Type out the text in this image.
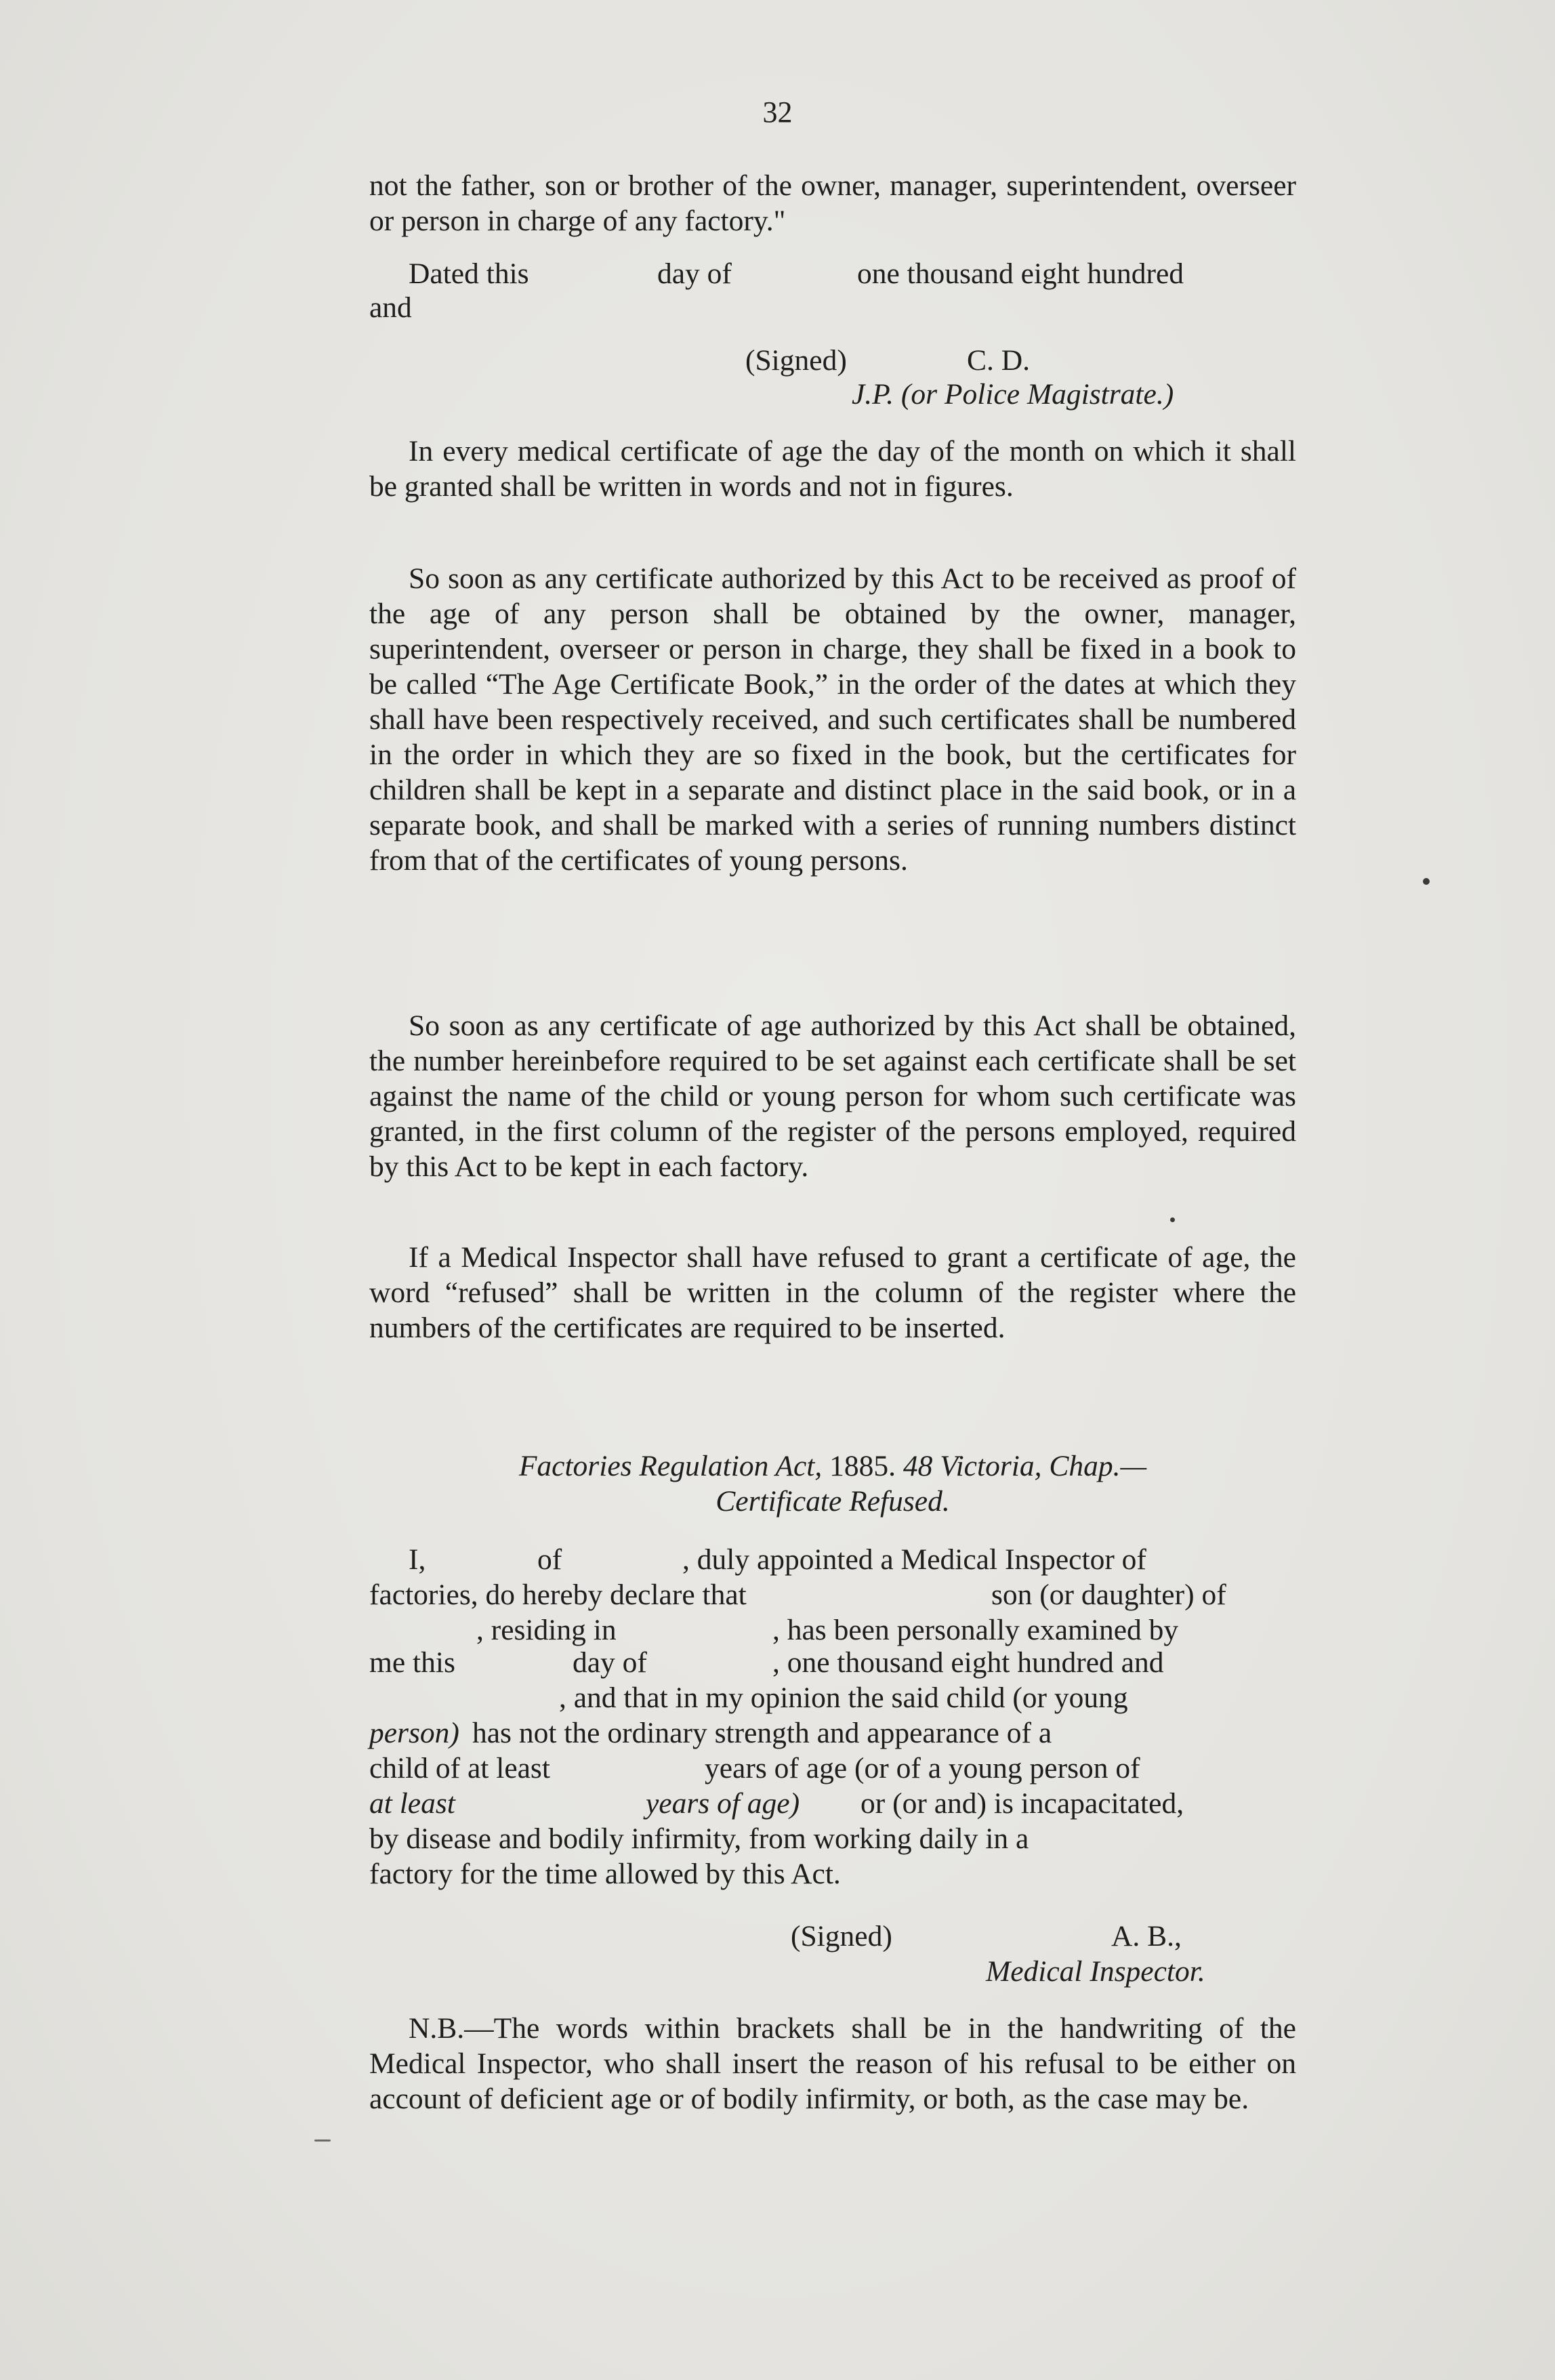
32
not the father, son or brother of the owner, manager, superintendent, overseer or person in charge of any factory."
Dated this	day of	one thousand eight hundred
and
(Signed)	C. D.
J.P. (or Police Magistrate.)
In every medical certificate of age the day of the month on which it shall be granted shall be written in words and not in figures.
So soon as any certificate authorized by this Act to be received as proof of the age of any person shall be obtained by the owner, manager, superintendent, overseer or person in charge, they shall be fixed in a book to be called “The Age Certificate Book,” in the order of the dates at which they shall have been respectively received, and such certificates shall be numbered in the order in which they are so fixed in the book, but the certificates for children shall be kept in a separate and distinct place in the said book, or in a separate book, and shall be marked with a series of running numbers distinct from that of the certificates of young persons.
So soon as any certificate of age authorized by this Act shall be obtained, the number hereinbefore required to be set against each certificate shall be set against the name of the child or young person for whom such certificate was granted, in the first column of the register of the persons employed, required by this Act to be kept in each factory.
If a Medical Inspector shall have refused to grant a certificate of age, the word “refused” shall be written in the column of the register where the numbers of the certificates are required to be inserted.
Factories Regulation Act, 1885. 48 Victoria, Chap.—
Certificate Refused.
I,	of	, duly appointed a Medical Inspector of
factories, do hereby declare that	son (or daughter) of
, residing in	, has been personally examined by
me this	day of	, one thousand eight hundred and
, and that in my opinion the said child (or young
person) has not the ordinary strength and appearance of a
child of at least	years of age (or of a young person of
at least	years of age) or (or and) is incapacitated,
by disease and bodily infirmity, from working daily in a
factory for the time allowed by this Act.
(Signed)	A. B.,
Medical Inspector.
N.B.—The words within brackets shall be in the handwriting of the Medical Inspector, who shall insert the reason of his refusal to be either on account of deficient age or of bodily infirmity, or both, as the case may be.
